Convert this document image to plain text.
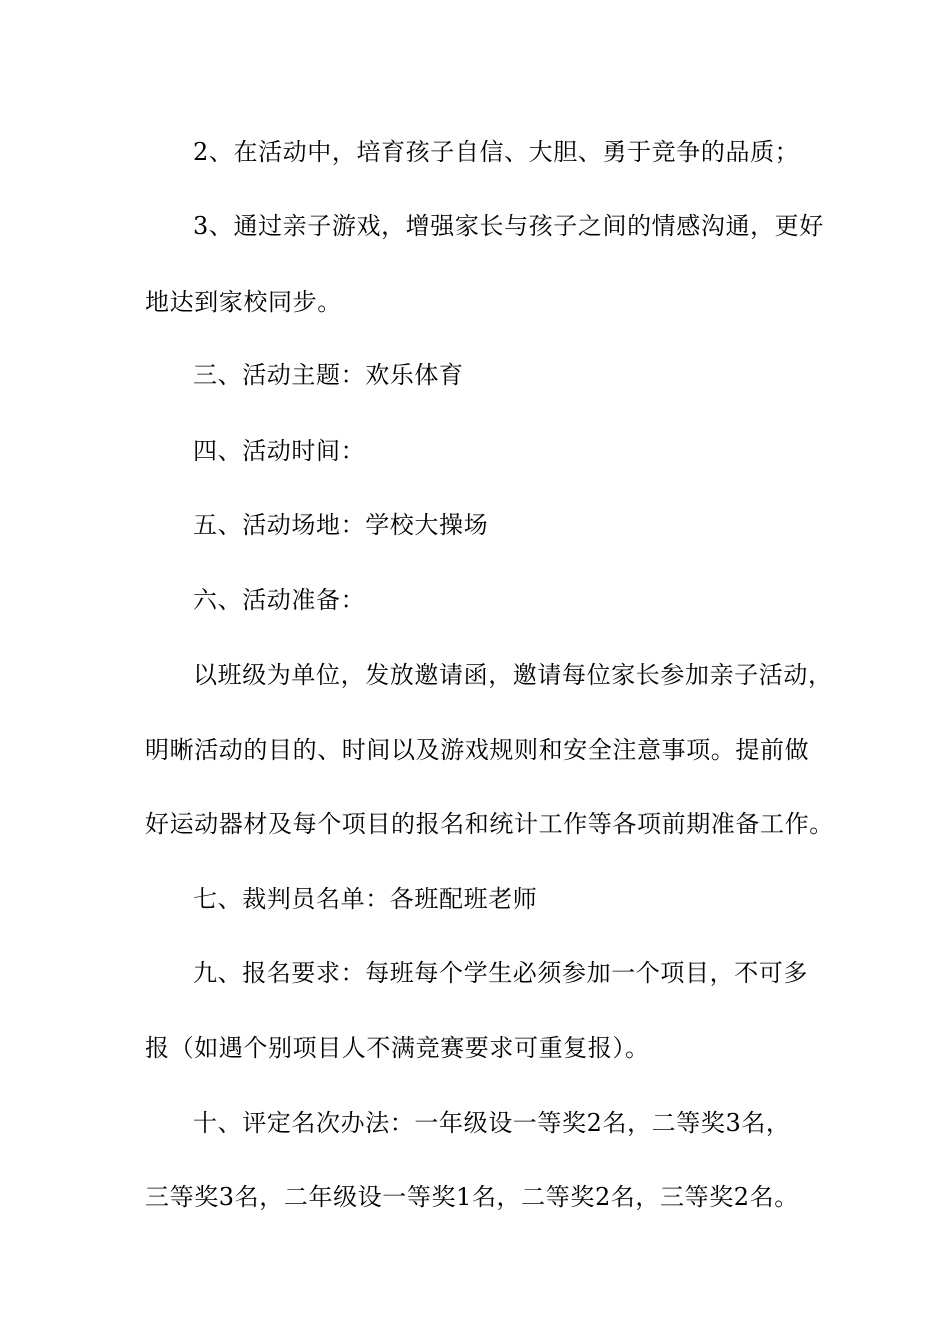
2、在活动中，培育孩子自信、大胆、勇于竞争的品质；
3、通过亲子游戏，增强家长与孩子之间的情感沟通，更好
地达到家校同步。
三、活动主题：欢乐体育
四、活动时间：
五、活动场地：学校大操场
六、活动准备：
以班级为单位，发放邀请函，邀请每位家长参加亲子活动，
明晰活动的目的、时间以及游戏规则和安全注意事项。提前做
好运动器材及每个项目的报名和统计工作等各项前期准备工作。
七、裁判员名单：各班配班老师
九、报名要求：每班每个学生必须参加一个项目，不可多
报（如遇个别项目人不满竞赛要求可重复报）。
十、评定名次办法：一年级设一等奖2名，二等奖3名，
三等奖3名，二年级设一等奖1名，二等奖2名，三等奖2名。
